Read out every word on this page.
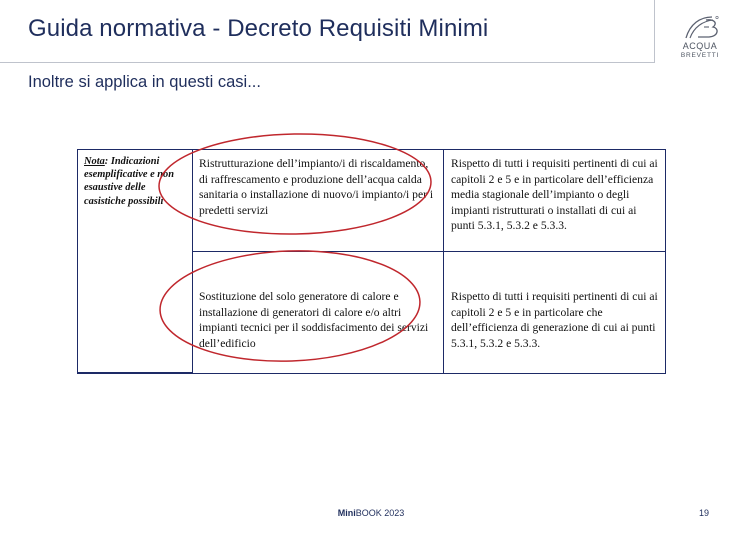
Guida normativa - Decreto Requisiti Minimi
ACQUA
BREVETTI
Inoltre si applica in questi casi...
Nota: Indicazioni esemplificative e non esaustive delle casistiche possibili	Ristrutturazione dell’impianto/i di riscaldamento, di raffrescamento e produzione dell’acqua calda sanitaria o installazione di nuovo/i impianto/i per i predetti servizi	Rispetto di tutti i requisiti pertinenti di cui ai capitoli 2 e 5 e in particolare dell’efficienza media stagionale dell’impianto o degli impianti ristrutturati o installati di cui ai punti 5.3.1, 5.3.2 e 5.3.3.
	Sostituzione del solo generatore di calore e installazione di generatori di calore e/o altri impianti tecnici per il soddisfacimento dei servizi dell’edificio	Rispetto di tutti i requisiti pertinenti di cui ai capitoli 2 e 5 e in particolare che dell’efficienza di generazione di cui ai punti 5.3.1, 5.3.2 e 5.3.3.
MiniBOOK 2023	19
